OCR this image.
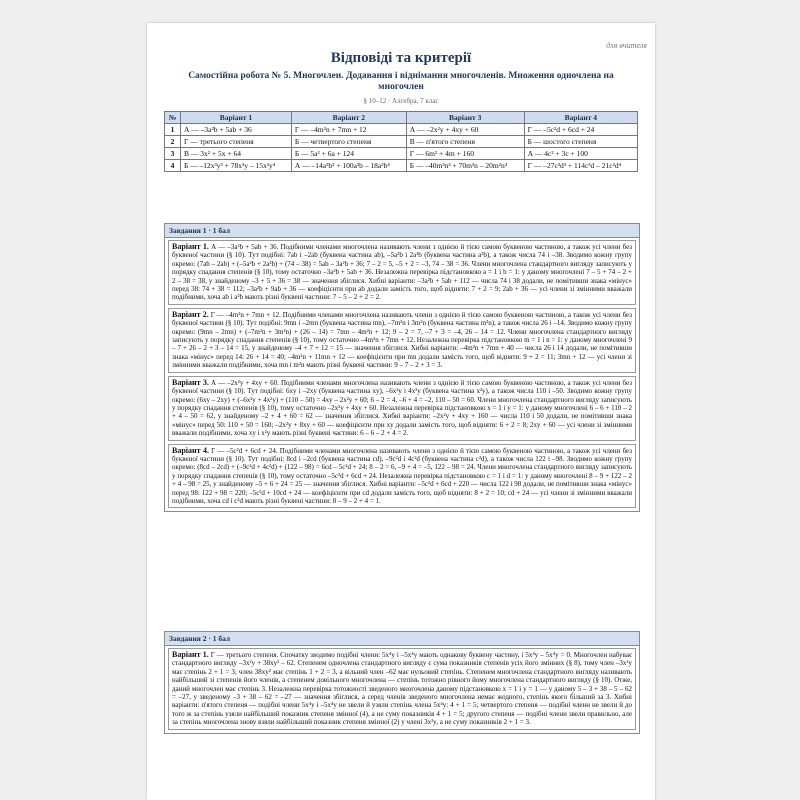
для вчителя
Відповіді та критерії
Самостійна робота № 5. Многочлен. Додавання і віднімання многочленів. Множення одночлена на многочлен
§ 10–12 · Алгебра, 7 клас
№	Варіант 1	Варіант 2	Варіант 3	Варіант 4
1	А — –3a²b + 5ab + 36	Г — –4m²n + 7mn + 12	А — –2x²y + 4xy + 60	Г — –5c²d + 6cd + 24
2	Г — третього степеня	Б — четвертого степеня	В — п'ятого степеня	Б — шостого степеня
3	В — 3x² + 5x + 64	Б — 5a² + 6a + 124	Г — 6m² + 4m + 160	А — 4c² + 3c + 100
4	Б — –12x³y³ + 78x³y – 15x²y⁴	А — –14a³b³ + 100a³b – 18a²b⁴	Б — –40m³n³ + 70m³n – 20m²n⁴	Г — –27c³d³ + 114c³d – 21c²d⁴
Завдання 1 · 1 бал
Варіант 1. А — –3a²b + 5ab + 36. Подібними членами многочлена називають члени з однією й тією самою буквеною частиною, а також усі члени без буквеної частини (§ 10). Тут подібні: 7ab і –2ab (буквена частина ab), –5a²b і 2a²b (буквена частина a²b), а також числа 74 і –38. Зводимо кожну групу окремо: (7ab – 2ab) + (–5a²b + 2a²b) + (74 – 38) = 5ab – 3a²b + 36; 7 – 2 = 5, –5 + 2 = –3, 74 – 38 = 36. Члени многочлена стандартного вигляду записують у порядку спадання степенів (§ 10), тому остаточно –3a²b + 5ab + 36. Незалежна перевірка підстановкою a = 1 і b = 1: у даному многочлені 7 – 5 + 74 – 2 + 2 – 38 = 38, у знайденому –3 + 5 + 36 = 38 — значення збіглися. Хибні варіанти: –3a²b + 5ab + 112 — числа 74 і 38 додали, не помітивши знака «мінус» перед 38: 74 + 38 = 112; –3a²b + 9ab + 36 — коефіцієнти при ab додали замість того, щоб відняти: 7 + 2 = 9; 2ab + 36 — усі члени зі змінними вважали подібними, хоча ab і a²b мають різні буквені частини: 7 – 5 – 2 + 2 = 2.
Варіант 2. Г — –4m²n + 7mn + 12. Подібними членами многочлена називають члени з однією й тією самою буквеною частиною, а також усі члени без буквеної частини (§ 10). Тут подібні: 9mn і –2mn (буквена частина mn), –7m²n і 3m²n (буквена частина m²n), а також числа 26 і –14. Зводимо кожну групу окремо: (9mn – 2mn) + (–7m²n + 3m²n) + (26 – 14) = 7mn – 4m²n + 12; 9 – 2 = 7, –7 + 3 = –4, 26 – 14 = 12. Члени многочлена стандартного вигляду записують у порядку спадання степенів (§ 10), тому остаточно –4m²n + 7mn + 12. Незалежна перевірка підстановкою m = 1 і n = 1: у даному многочлені 9 – 7 + 26 – 2 + 3 – 14 = 15, у знайденому –4 + 7 + 12 = 15 — значення збіглися. Хибні варіанти: –4m²n + 7mn + 40 — числа 26 і 14 додали, не помітивши знака «мінус» перед 14: 26 + 14 = 40; –4m²n + 11mn + 12 — коефіцієнти при mn додали замість того, щоб відняти: 9 + 2 = 11; 3mn + 12 — усі члени зі змінними вважали подібними, хоча mn і m²n мають різні буквені частини: 9 – 7 – 2 + 3 = 3.
Варіант 3. А — –2x²y + 4xy + 60. Подібними членами многочлена називають члени з однією й тією самою буквеною частиною, а також усі члени без буквеної частини (§ 10). Тут подібні: 6xy і –2xy (буквена частина xy), –6x²y і 4x²y (буквена частина x²y), а також числа 110 і –50. Зводимо кожну групу окремо: (6xy – 2xy) + (–6x²y + 4x²y) + (110 – 50) = 4xy – 2x²y + 60; 6 – 2 = 4, –6 + 4 = –2, 110 – 50 = 60. Члени многочлена стандартного вигляду записують у порядку спадання степенів (§ 10), тому остаточно –2x²y + 4xy + 60. Незалежна перевірка підстановкою x = 1 і y = 1: у даному многочлені 6 – 6 + 110 – 2 + 4 – 50 = 62, у знайденому –2 + 4 + 60 = 62 — значення збіглися. Хибні варіанти: –2x²y + 4xy + 160 — числа 110 і 50 додали, не помітивши знака «мінус» перед 50: 110 + 50 = 160; –2x²y + 8xy + 60 — коефіцієнти при xy додали замість того, щоб відняти: 6 + 2 = 8; 2xy + 60 — усі члени зі змінними вважали подібними, хоча xy і x²y мають різні буквені частини: 6 – 6 – 2 + 4 = 2.
Варіант 4. Г — –5c²d + 6cd + 24. Подібними членами многочлена називають члени з однією й тією самою буквеною частиною, а також усі члени без буквеної частини (§ 10). Тут подібні: 8cd і –2cd (буквена частина cd), –9c²d і 4c²d (буквена частина c²d), а також числа 122 і –98. Зводимо кожну групу окремо: (8cd – 2cd) + (–9c²d + 4c²d) + (122 – 98) = 6cd – 5c²d + 24; 8 – 2 = 6, –9 + 4 = –5, 122 – 98 = 24. Члени многочлена стандартного вигляду записують у порядку спадання степенів (§ 10), тому остаточно –5c²d + 6cd + 24. Незалежна перевірка підстановкою c = 1 і d = 1: у даному многочлені 8 – 9 + 122 – 2 + 4 – 98 = 25, у знайденому –5 + 6 + 24 = 25 — значення збіглися. Хибні варіанти: –5c²d + 6cd + 220 — числа 122 і 98 додали, не помітивши знака «мінус» перед 98: 122 + 98 = 220; –5c²d + 10cd + 24 — коефіцієнти при cd додали замість того, щоб відняти: 8 + 2 = 10; cd + 24 — усі члени зі змінними вважали подібними, хоча cd і c²d мають різні буквені частини: 8 – 9 – 2 + 4 = 1.
Завдання 2 · 1 бал
Варіант 1. Г — третього степеня. Спочатку зводимо подібні члени: 5x⁴y і –5x⁴y мають однакову буквену частину, і 5x⁴y – 5x⁴y = 0. Многочлен набуває стандартного вигляду –3x²y + 38xy² – 62. Степенем одночлена стандартного вигляду є сума показників степенів усіх його змінних (§ 8), тому член –3x²y має степінь 2 + 1 = 3; член 38xy² має степінь 1 + 2 = 3, а вільний член –62 має нульовий степінь. Степенем многочлена стандартного вигляду називають найбільший зі степенів його членів, а степенем довільного многочлена — степінь тотожно рівного йому многочлена стандартного вигляду (§ 10). Отже, даний многочлен має степінь 3. Незалежна перевірка тотожності зведеного многочлена даному підстановкою x = 1 і y = 1 — у даному 5 – 3 + 38 – 5 – 62 = –27, у зведеному –3 + 38 – 62 = –27 — значення збіглися, а серед членів зведеного многочлена немає жодного, степінь якого більший за 3. Хибні варіанти: п'ятого степеня — подібні члени 5x⁴y і –5x⁴y не звели й узяли степінь члена 5x⁴y: 4 + 1 = 5; четвертого степеня — подібні члени не звели й до того ж за степінь узяли найбільший показник степеня змінної (4), а не суму показників 4 + 1 = 5; другого степеня — подібні члени звели правильно, але за степінь многочлена знову взяли найбільший показник степеня змінної (2) у члені 3x²y, а не суму показників 2 + 1 = 3.
